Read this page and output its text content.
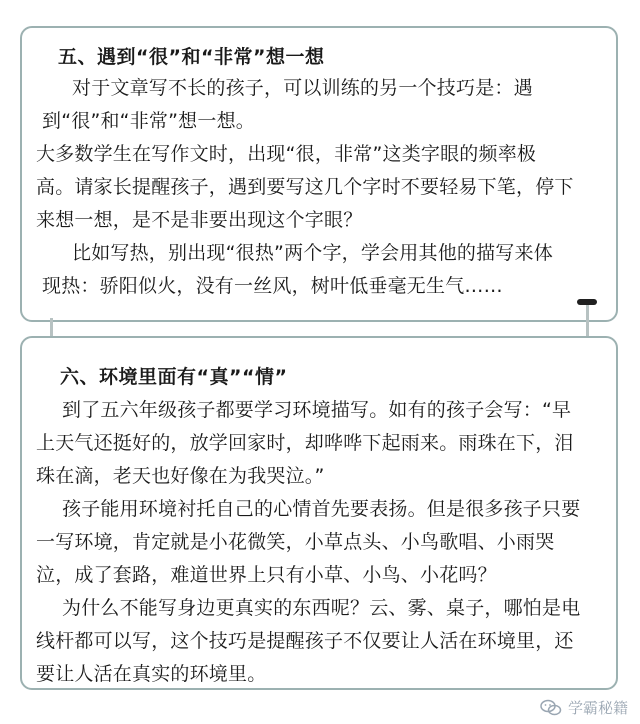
五、遇到“很”和“非常”想一想
对于文章写不长的孩子，可以训练的另一个技巧是：遇
到“很”和“非常”想一想。
大多数学生在写作文时，出现“很，非常”这类字眼的频率极
高。请家长提醒孩子，遇到要写这几个字时不要轻易下笔，停下
来想一想，是不是非要出现这个字眼？
比如写热，别出现“很热”两个字，学会用其他的描写来体
现热：骄阳似火，没有一丝风，树叶低垂毫无生气……
六、环境里面有“真”“情”
到了五六年级孩子都要学习环境描写。如有的孩子会写：“早
上天气还挺好的，放学回家时，却哗哗下起雨来。雨珠在下，泪
珠在滴，老天也好像在为我哭泣。”
孩子能用环境衬托自己的心情首先要表扬。但是很多孩子只要
一写环境，肯定就是小花微笑，小草点头、小鸟歌唱、小雨哭
泣，成了套路，难道世界上只有小草、小鸟、小花吗？
为什么不能写身边更真实的东西呢？云、雾、桌子，哪怕是电
线杆都可以写，这个技巧是提醒孩子不仅要让人活在环境里，还
要让人活在真实的环境里。
学霸秘籍
